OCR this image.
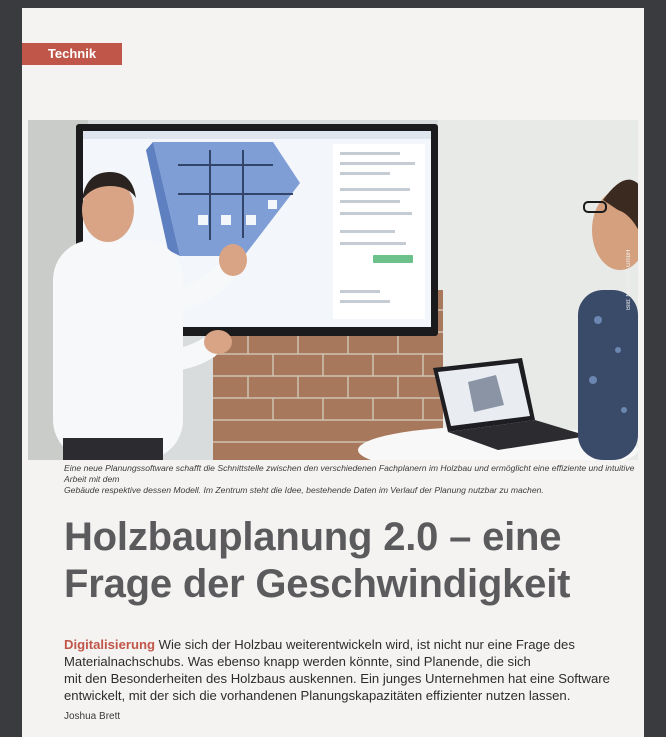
Technik
Bild: Moduldom GmbH
Eine neue Planungssoftware schafft die Schnittstelle zwischen den verschiedenen Fachplanern im Holzbau und ermöglicht eine effiziente und intuitive Arbeit mit dem
Gebäude respektive dessen Modell. Im Zentrum steht die Idee, bestehende Daten im Verlauf der Planung nutzbar zu machen.
Holzbauplanung 2.0 – eine
Frage der Geschwindigkeit
Digitalisierung Wie sich der Holzbau weiterentwickeln wird, ist nicht nur eine Frage des
Materialnachschubs. Was ebenso knapp werden könnte, sind Planende, die sich
mit den Besonderheiten des Holzbaus auskennen. Ein junges Unternehmen hat eine Software
entwickelt, mit der sich die vorhandenen Planungskapazitäten effizienter nutzen lassen.
Joshua Brett
